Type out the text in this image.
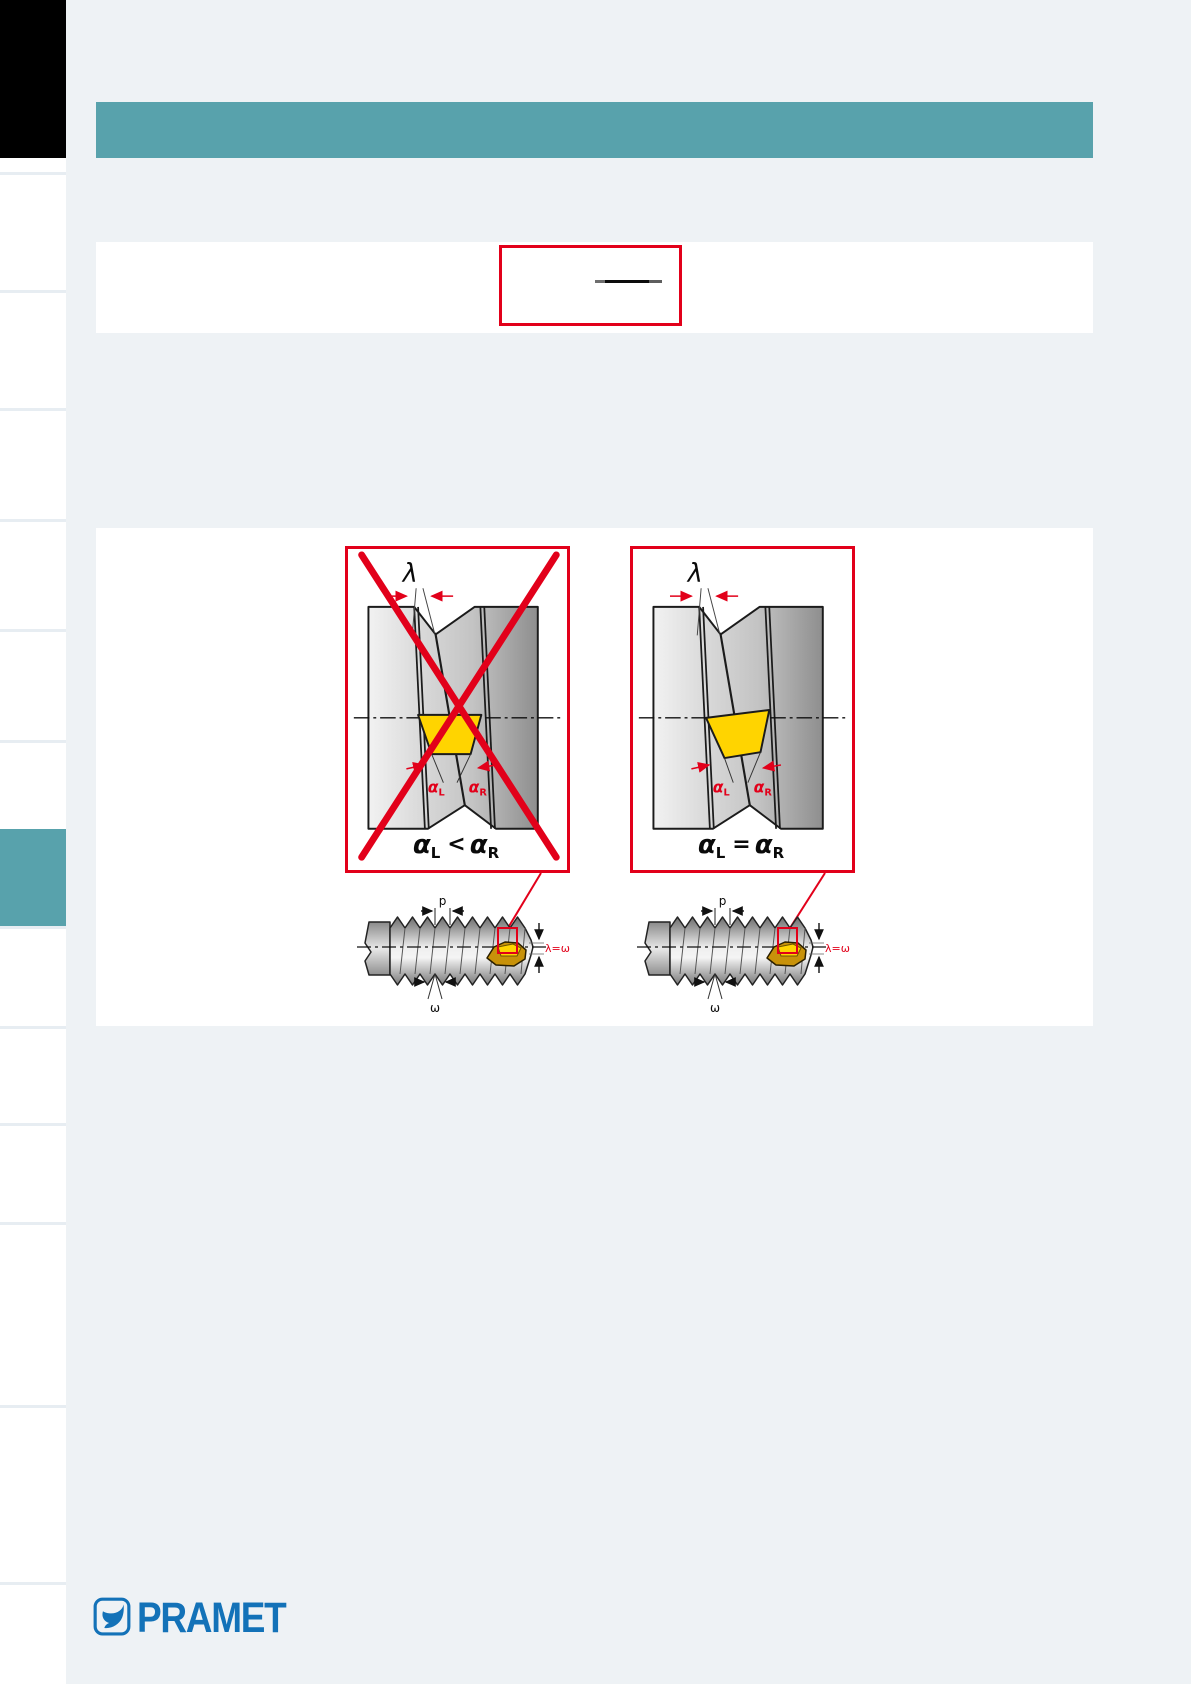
αL αR
λ
αL < αR
αL αR
λ
αL = αR
p
λ=ω
ω
p
λ=ω
ω
PRAMET
